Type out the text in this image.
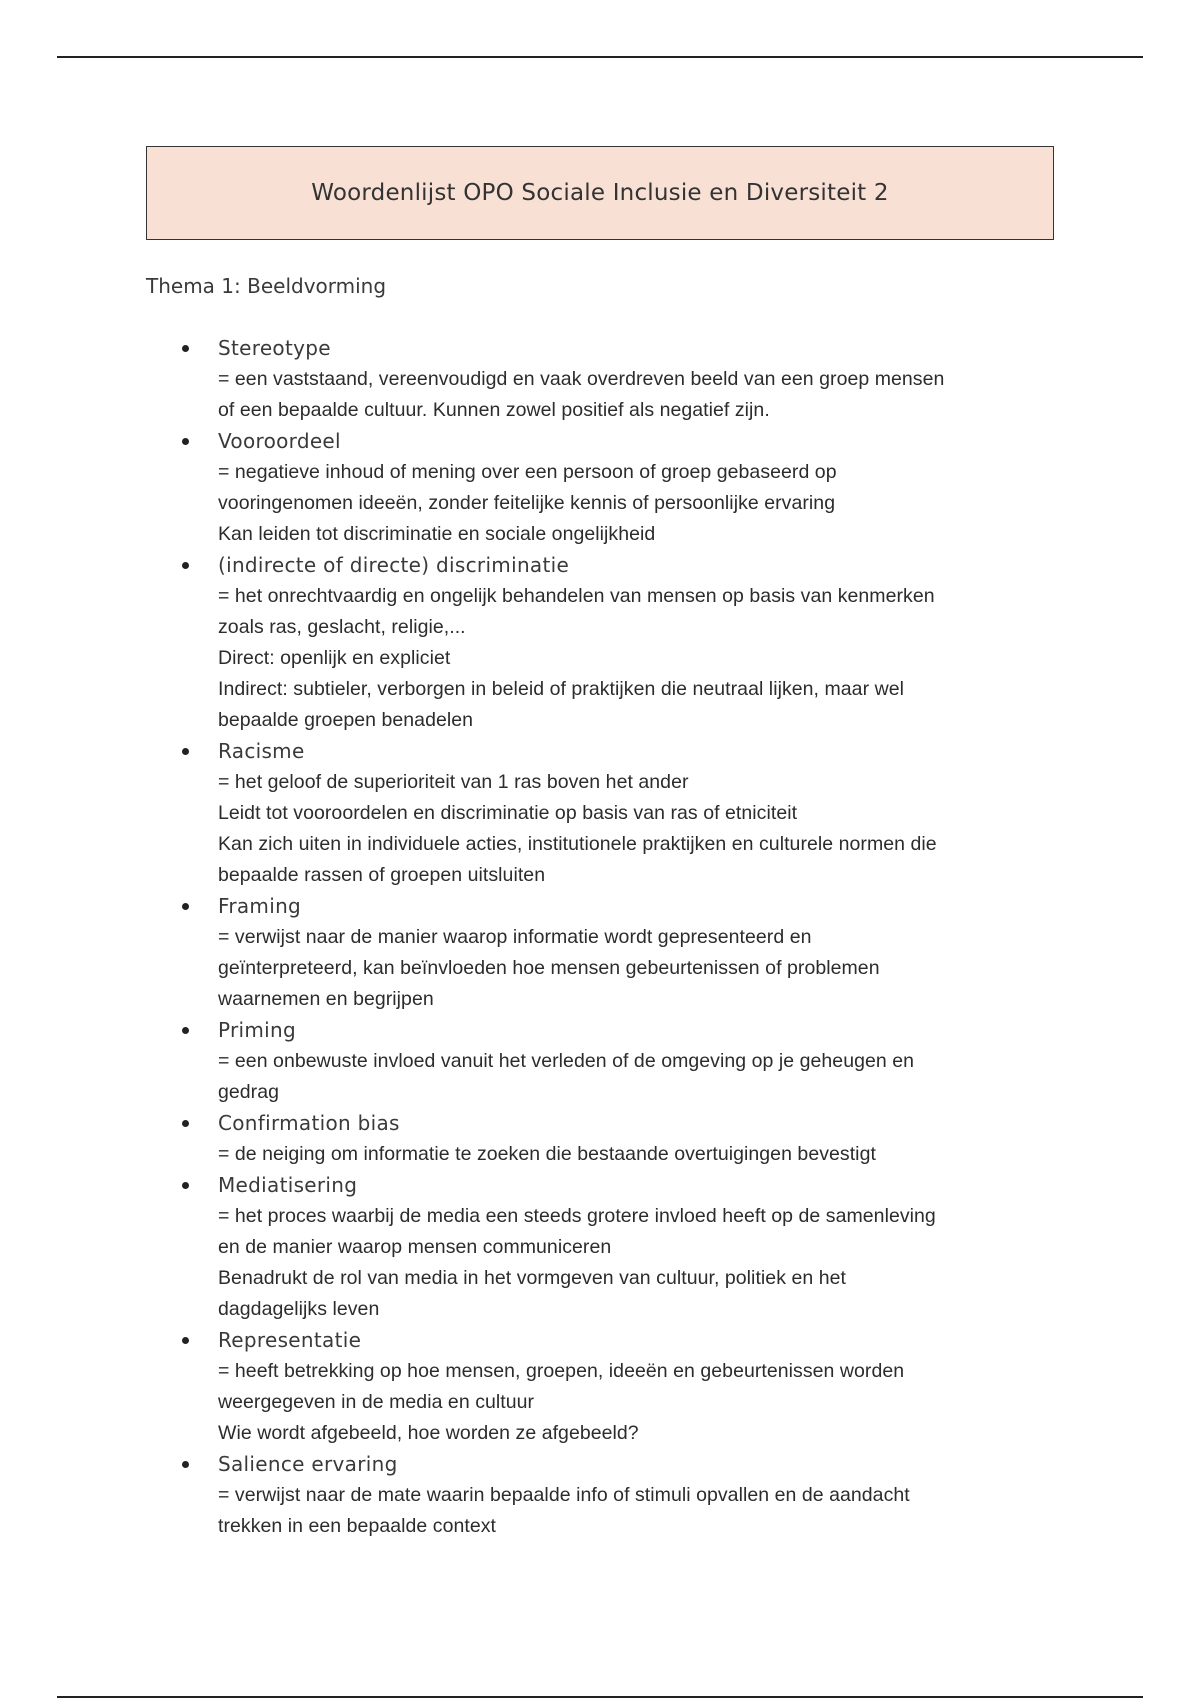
Woordenlijst OPO Sociale Inclusie en Diversiteit 2
Thema 1: Beeldvorming
Stereotype
= een vaststaand, vereenvoudigd en vaak overdreven beeld van een groep mensen
of een bepaalde cultuur. Kunnen zowel positief als negatief zijn.
Vooroordeel
= negatieve inhoud of mening over een persoon of groep gebaseerd op
vooringenomen ideeën, zonder feitelijke kennis of persoonlijke ervaring
Kan leiden tot discriminatie en sociale ongelijkheid
(indirecte of directe) discriminatie
= het onrechtvaardig en ongelijk behandelen van mensen op basis van kenmerken
zoals ras, geslacht, religie,...
Direct: openlijk en expliciet
Indirect: subtieler, verborgen in beleid of praktijken die neutraal lijken, maar wel
bepaalde groepen benadelen
Racisme
= het geloof de superioriteit van 1 ras boven het ander
Leidt tot vooroordelen en discriminatie op basis van ras of etniciteit
Kan zich uiten in individuele acties, institutionele praktijken en culturele normen die
bepaalde rassen of groepen uitsluiten
Framing
= verwijst naar de manier waarop informatie wordt gepresenteerd en
geïnterpreteerd, kan beïnvloeden hoe mensen gebeurtenissen of problemen
waarnemen en begrijpen
Priming
= een onbewuste invloed vanuit het verleden of de omgeving op je geheugen en
gedrag
Confirmation bias
= de neiging om informatie te zoeken die bestaande overtuigingen bevestigt
Mediatisering
= het proces waarbij de media een steeds grotere invloed heeft op de samenleving
en de manier waarop mensen communiceren
Benadrukt de rol van media in het vormgeven van cultuur, politiek en het
dagdagelijks leven
Representatie
= heeft betrekking op hoe mensen, groepen, ideeën en gebeurtenissen worden
weergegeven in de media en cultuur
Wie wordt afgebeeld, hoe worden ze afgebeeld?
Salience ervaring
= verwijst naar de mate waarin bepaalde info of stimuli opvallen en de aandacht
trekken in een bepaalde context
